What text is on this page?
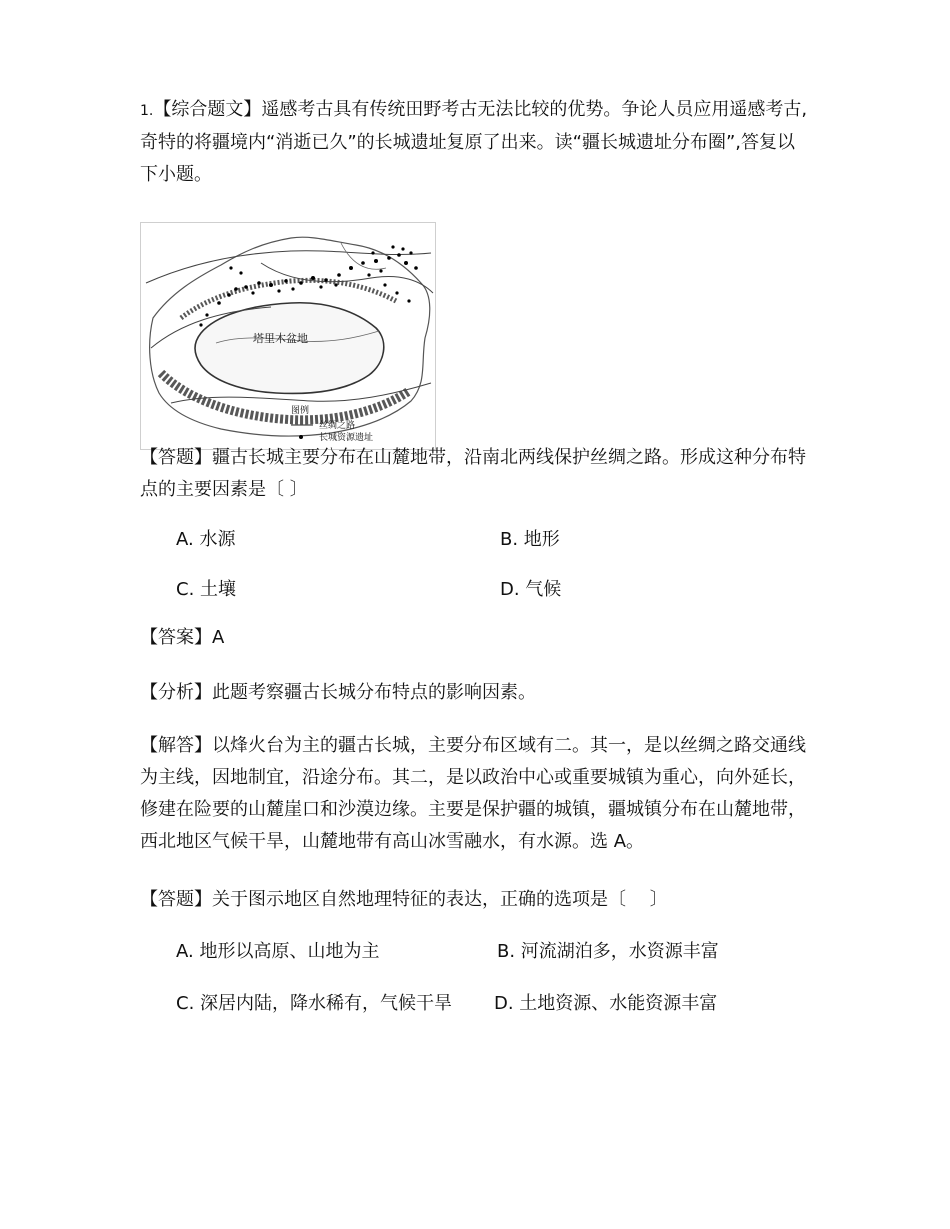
1.【综合题文】遥感考古具有传统田野考古无法比较的优势。争论人员应用遥感考古,奇特的将疆境内“消逝已久”的长城遗址复原了出来。读“疆长城遗址分布圈”,答复以下小题。

塔里木盆地
图例
丝绸之路
长城资源遗址

【答题】疆古长城主要分布在山麓地带，沿南北两线保护丝绸之路。形成这种分布特点的主要因素是〔 〕

A. 水源	B. 地形
C. 土壤	D. 气候

【答案】A

【分析】此题考察疆古长城分布特点的影响因素。

【解答】以烽火台为主的疆古长城，主要分布区域有二。其一，是以丝绸之路交通线为主线，因地制宜，沿途分布。其二，是以政治中心或重要城镇为重心，向外延长，修建在险要的山麓崖口和沙漠边缘。主要是保护疆的城镇，疆城镇分布在山麓地带，西北地区气候干旱，山麓地带有高山冰雪融水，有水源。选 A。

【答题】关于图示地区自然地理特征的表达，正确的选项是〔　 〕

A. 地形以高原、山地为主	B. 河流湖泊多，水资源丰富
C. 深居内陆，降水稀有，气候干旱 D. 土地资源、水能资源丰富
